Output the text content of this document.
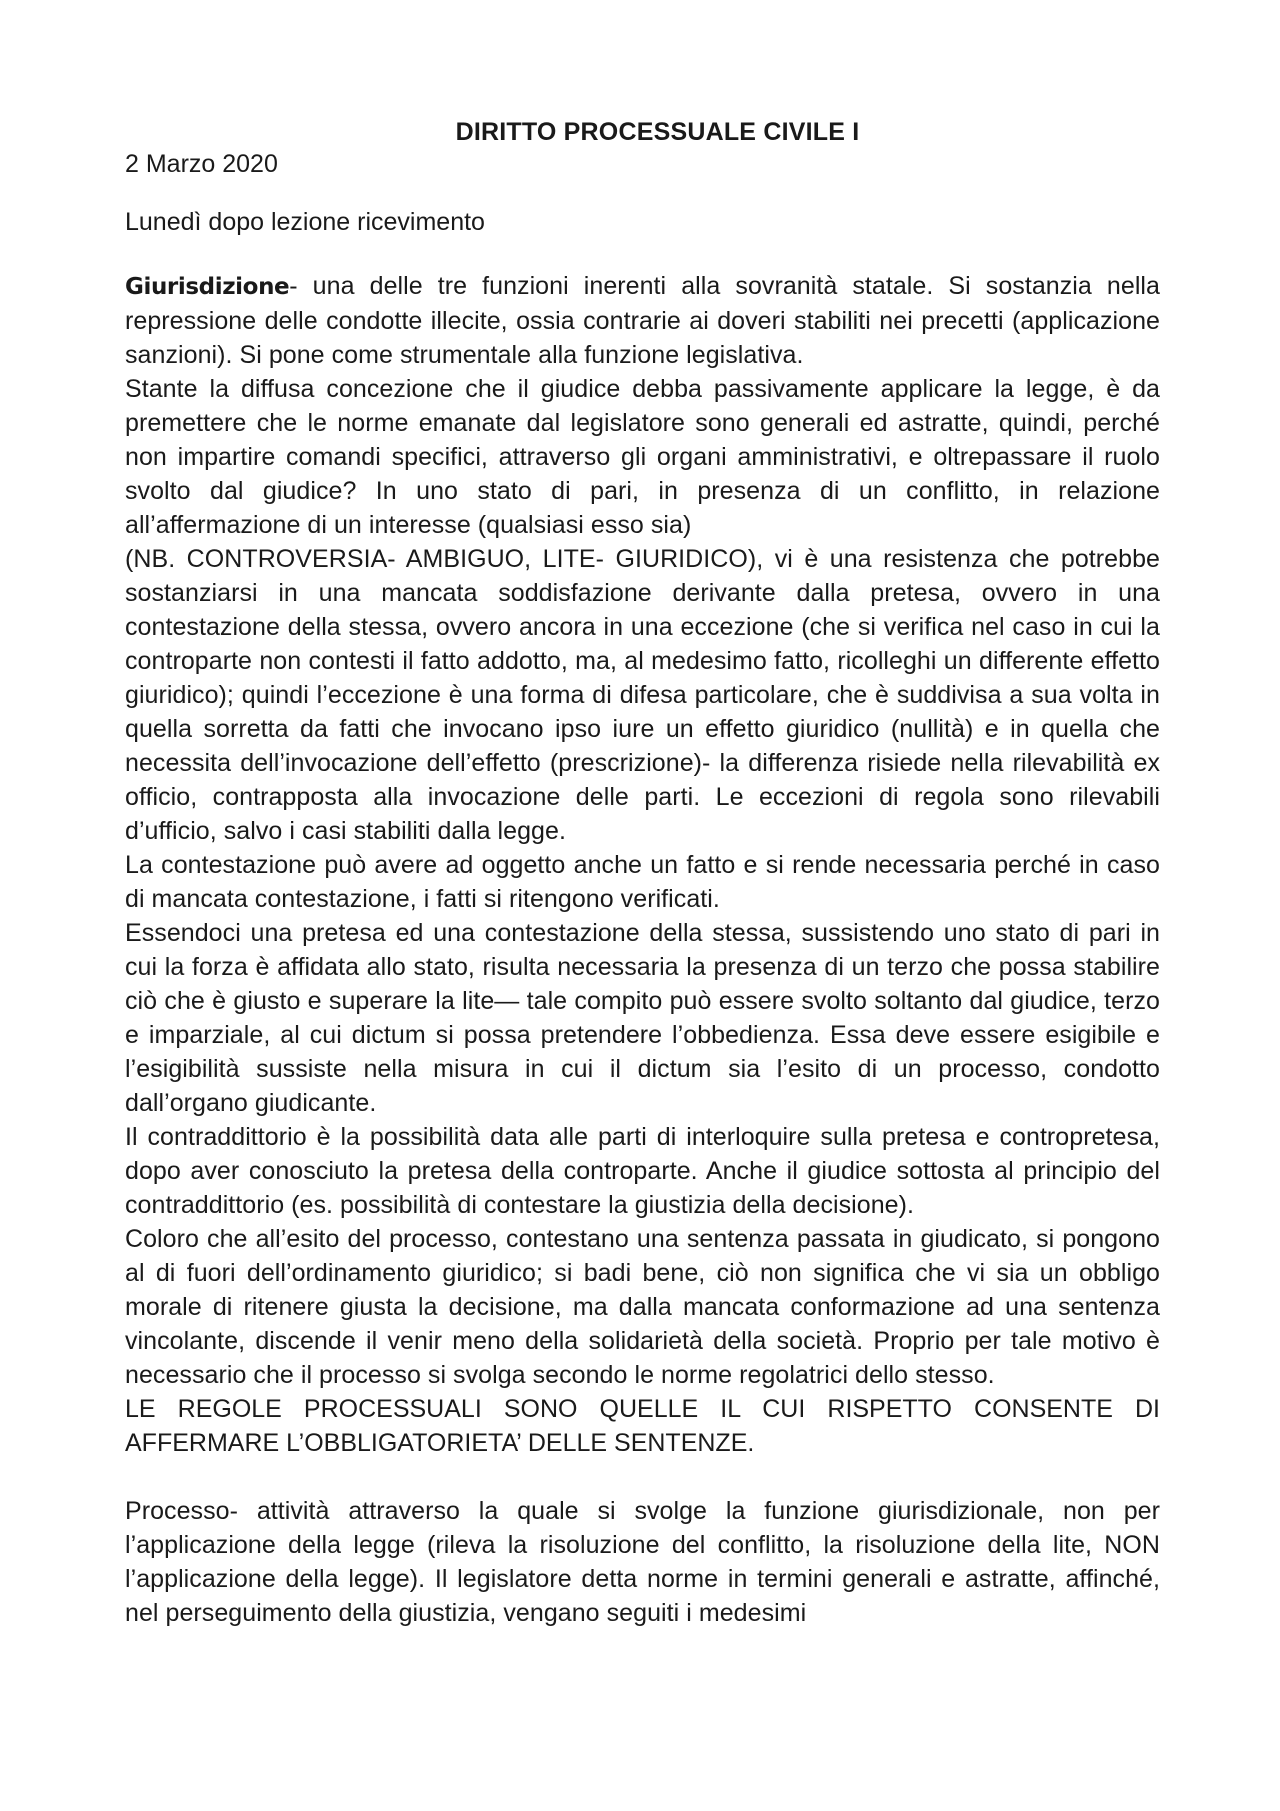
DIRITTO PROCESSUALE CIVILE I
2 Marzo 2020
Lunedì dopo lezione ricevimento

Giurisdizione- una delle tre funzioni inerenti alla sovranità statale. Si sostanzia nella repressione delle condotte illecite, ossia contrarie ai doveri stabiliti nei precetti (applicazione sanzioni). Si pone come strumentale alla funzione legislativa.

Stante la diffusa concezione che il giudice debba passivamente applicare la legge, è da premettere che le norme emanate dal legislatore sono generali ed astratte, quindi, perché non impartire comandi specifici, attraverso gli organi amministrativi, e oltrepassare il ruolo svolto dal giudice? In uno stato di pari, in presenza di un conflitto, in relazione all’affermazione di un interesse (qualsiasi esso sia)

(NB. CONTROVERSIA- AMBIGUO, LITE- GIURIDICO), vi è una resistenza che potrebbe sostanziarsi in una mancata soddisfazione derivante dalla pretesa, ovvero in una contestazione della stessa, ovvero ancora in una eccezione (che si verifica nel caso in cui la controparte non contesti il fatto addotto, ma, al medesimo fatto, ricolleghi un differente effetto giuridico); quindi l’eccezione è una forma di difesa particolare, che è suddivisa a sua volta in quella sorretta da fatti che invocano ipso iure un effetto giuridico (nullità) e in quella che necessita dell’invocazione dell’effetto (prescrizione)- la differenza risiede nella rilevabilità ex officio, contrapposta alla invocazione delle parti. Le eccezioni di regola sono rilevabili d’ufficio, salvo i casi stabiliti dalla legge.

La contestazione può avere ad oggetto anche un fatto e si rende necessaria perché in caso di mancata contestazione, i fatti si ritengono verificati.

Essendoci una pretesa ed una contestazione della stessa, sussistendo uno stato di pari in cui la forza è affidata allo stato, risulta necessaria la presenza di un terzo che possa stabilire ciò che è giusto e superare la lite— tale compito può essere svolto soltanto dal giudice, terzo e imparziale, al cui dictum si possa pretendere l’obbedienza. Essa deve essere esigibile e l’esigibilità sussiste nella misura in cui il dictum sia l’esito di un processo, condotto dall’organo giudicante.

Il contraddittorio è la possibilità data alle parti di interloquire sulla pretesa e contropretesa, dopo aver conosciuto la pretesa della controparte. Anche il giudice sottosta al principio del contraddittorio (es. possibilità di contestare la giustizia della decisione).

Coloro che all’esito del processo, contestano una sentenza passata in giudicato, si pongono al di fuori dell’ordinamento giuridico; si badi bene, ciò non significa che vi sia un obbligo morale di ritenere giusta la decisione, ma dalla mancata conformazione ad una sentenza vincolante, discende il venir meno della solidarietà della società. Proprio per tale motivo è necessario che il processo si svolga secondo le norme regolatrici dello stesso.

LE REGOLE PROCESSUALI SONO QUELLE IL CUI RISPETTO CONSENTE DI AFFERMARE L’OBBLIGATORIETA’ DELLE SENTENZE.

Processo- attività attraverso la quale si svolge la funzione giurisdizionale, non per l’applicazione della legge (rileva la risoluzione del conflitto, la risoluzione della lite, NON l’applicazione della legge). Il legislatore detta norme in termini generali e astratte, affinché, nel perseguimento della giustizia, vengano seguiti i medesimi
